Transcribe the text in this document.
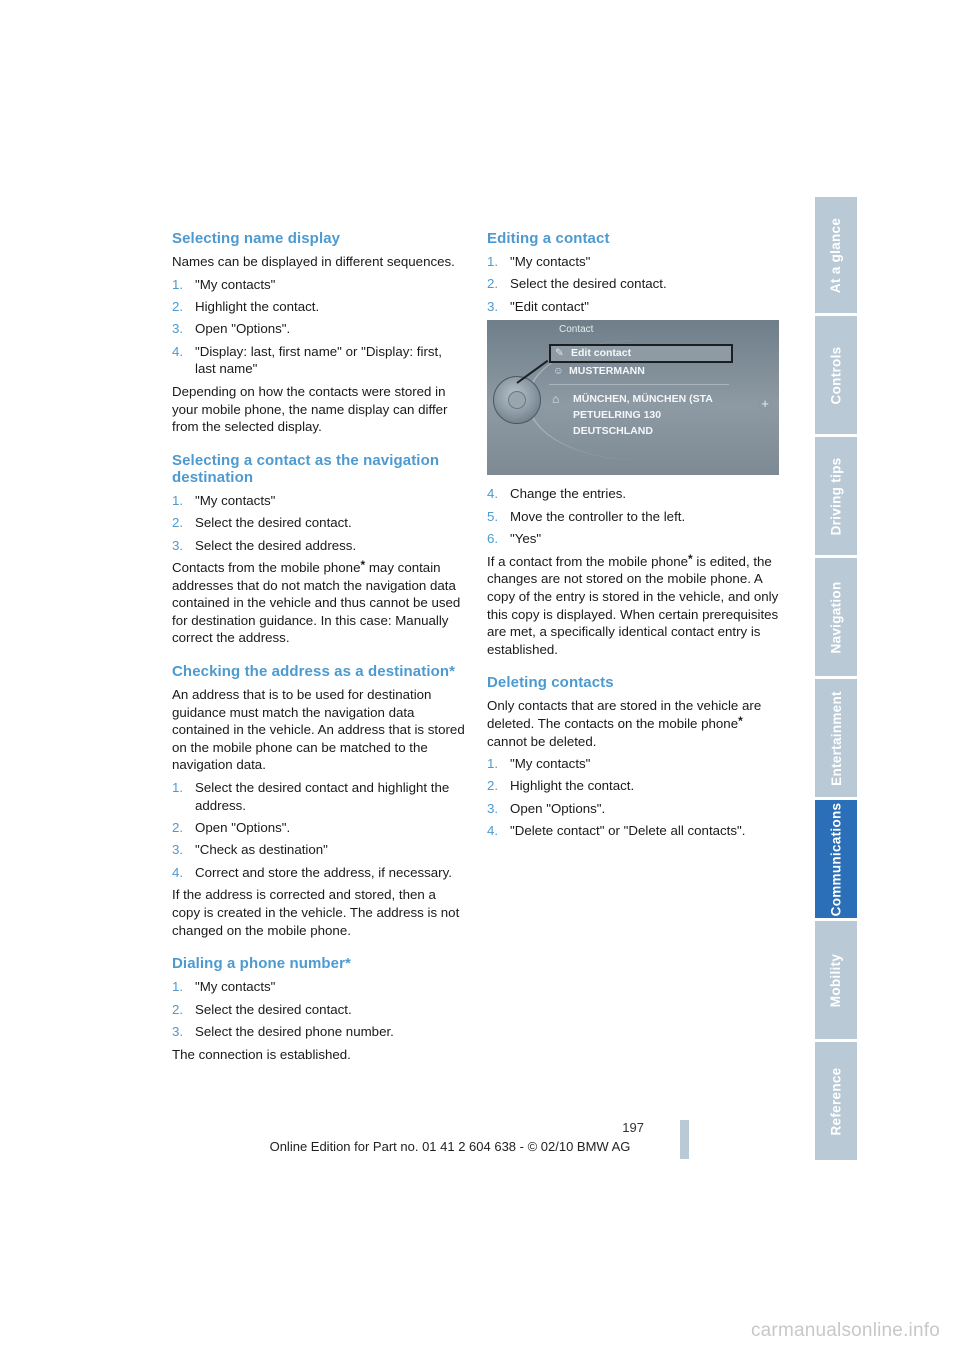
Selecting name display

Names can be displayed in different sequences.

1. "My contacts"
2. Highlight the contact.
3. Open "Options".
4. "Display: last, first name" or "Display: first, last name"

Depending on how the contacts were stored in your mobile phone, the name display can differ from the selected display.

Selecting a contact as the navigation destination
1. "My contacts"
2. Select the desired contact.
3. Select the desired address.

Contacts from the mobile phone* may contain addresses that do not match the navigation data contained in the vehicle and thus cannot be used for destination guidance. In this case: Manually correct the address.

Checking the address as a destination*

An address that is to be used for destination guidance must match the navigation data contained in the vehicle. An address that is stored on the mobile phone can be matched to the navigation data.

1. Select the desired contact and highlight the address.
2. Open "Options".
3. "Check as destination"
4. Correct and store the address, if necessary.

If the address is corrected and stored, then a copy is created in the vehicle. The address is not changed on the mobile phone.

Dialing a phone number*
1. "My contacts"
2. Select the desired contact.
3. Select the desired phone number.

The connection is established.

Editing a contact
1. "My contacts"
2. Select the desired contact.
3. "Edit contact"
+
Contact
✎ Edit contact
☺ MUSTERMANN
⌂	MÜNCHEN, MÜNCHEN (STA
PETUELRING 130
DEUTSCHLAND
4. Change the entries.
5. Move the controller to the left.
6. "Yes"

If a contact from the mobile phone* is edited, the changes are not stored on the mobile phone. A copy of the entry is stored in the vehicle, and only this copy is displayed. When certain prerequisites are met, a specifically identical contact entry is established.

Deleting contacts

Only contacts that are stored in the vehicle are deleted. The contacts on the mobile phone* cannot be deleted.

1. "My contacts"
2. Highlight the contact.
3. Open "Options".
4. "Delete contact" or "Delete all contacts".
At a glance
Controls
Driving tips
Navigation
Entertainment
Communications
Mobility
Reference
197
Online Edition for Part no. 01 41 2 604 638 - © 02/10 BMW AG
carmanualsonline.info
